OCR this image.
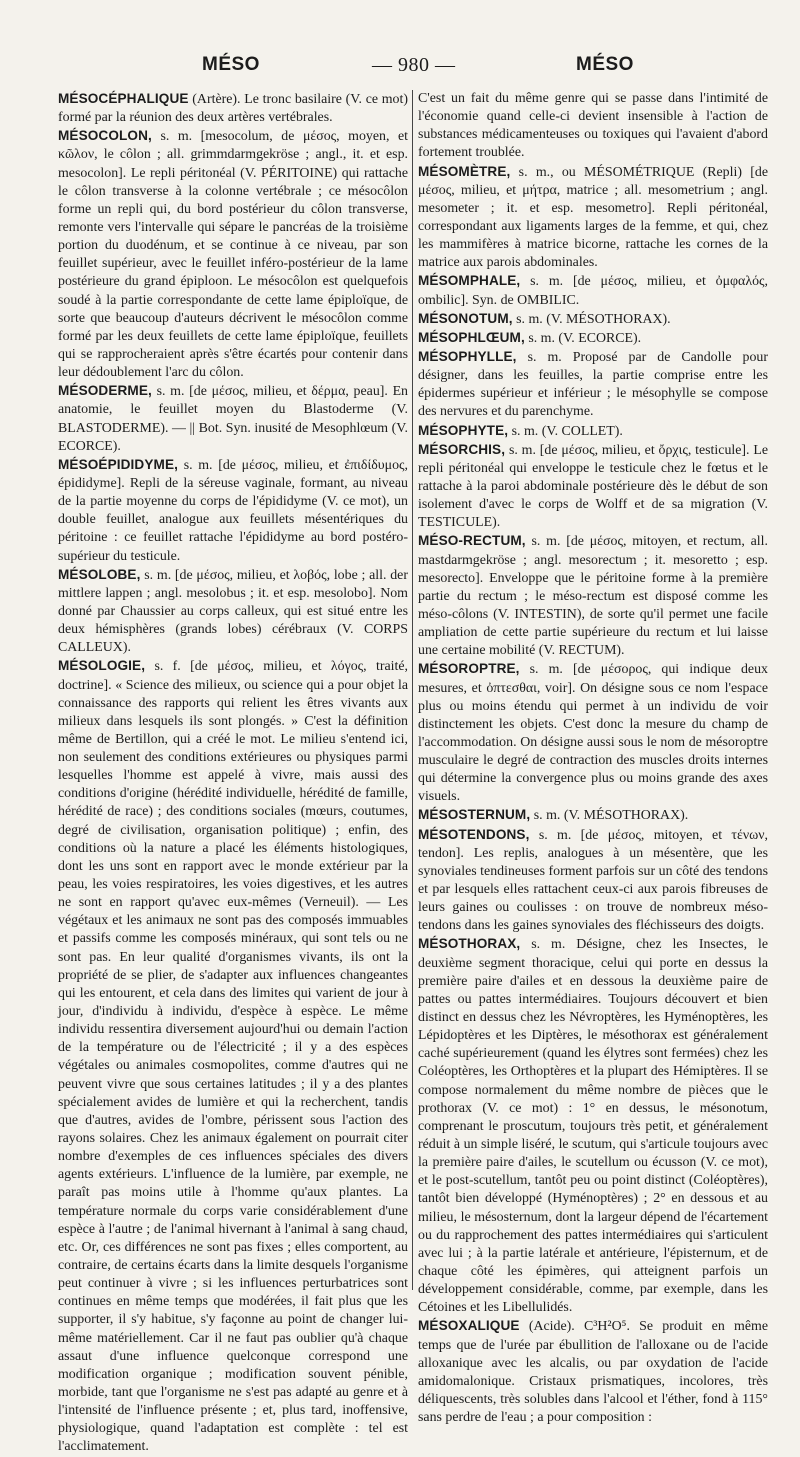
MÉSO	— 980 —	MÉSO

MÉSOCÉPHALIQUE (Artère). Le tronc basilaire (V. ce mot) formé par la réunion des deux artères vertébrales.

MÉSOCOLON, s. m. [mesocolum, de μέσος, moyen, et κῶλον, le côlon ; all. grimmdarmgekröse ; angl., it. et esp. mesocolon]. Le repli péritonéal (V. PÉRITOINE) qui rattache le côlon transverse à la colonne vertébrale ; ce mésocôlon forme un repli qui, du bord postérieur du côlon transverse, remonte vers l'intervalle qui sépare le pancréas de la troisième portion du duodénum, et se continue à ce niveau, par son feuillet supérieur, avec le feuillet inféro-postérieur de la lame postérieure du grand épiploon. Le mésocôlon est quelquefois soudé à la partie correspondante de cette lame épiploïque, de sorte que beaucoup d'auteurs décrivent le mésocôlon comme formé par les deux feuillets de cette lame épiploïque, feuillets qui se rapprocheraient après s'être écartés pour contenir dans leur dédoublement l'arc du côlon.

MÉSODERME, s. m. [de μέσος, milieu, et δέρμα, peau]. En anatomie, le feuillet moyen du Blastoderme (V. BLASTODERME). — || Bot. Syn. inusité de Mesophlœum (V. ECORCE).

MÉSOÉPIDIDYME, s. m. [de μέσος, milieu, et ἐπιδίδυμος, épididyme]. Repli de la séreuse vaginale, formant, au niveau de la partie moyenne du corps de l'épididyme (V. ce mot), un double feuillet, analogue aux feuillets mésentériques du péritoine : ce feuillet rattache l'épididyme au bord postéro-supérieur du testicule.

MÉSOLOBE, s. m. [de μέσος, milieu, et λοβός, lobe ; all. der mittlere lappen ; angl. mesolobus ; it. et esp. mesolobo]. Nom donné par Chaussier au corps calleux, qui est situé entre les deux hémisphères (grands lobes) cérébraux (V. CORPS CALLEUX).

MÉSOLOGIE, s. f. [de μέσος, milieu, et λόγος, traité, doctrine]. « Science des milieux, ou science qui a pour objet la connaissance des rapports qui relient les êtres vivants aux milieux dans lesquels ils sont plongés. » C'est la définition même de Bertillon, qui a créé le mot. Le milieu s'entend ici, non seulement des conditions extérieures ou physiques parmi lesquelles l'homme est appelé à vivre, mais aussi des conditions d'origine (hérédité individuelle, hérédité de famille, hérédité de race) ; des conditions sociales (mœurs, coutumes, degré de civilisation, organisation politique) ; enfin, des conditions où la nature a placé les éléments histologiques, dont les uns sont en rapport avec le monde extérieur par la peau, les voies respiratoires, les voies digestives, et les autres ne sont en rapport qu'avec eux-mêmes (Verneuil). — Les végétaux et les animaux ne sont pas des composés immuables et passifs comme les composés minéraux, qui sont tels ou ne sont pas. En leur qualité d'organismes vivants, ils ont la propriété de se plier, de s'adapter aux influences changeantes qui les entourent, et cela dans des limites qui varient de jour à jour, d'individu à individu, d'espèce à espèce. Le même individu ressentira diversement aujourd'hui ou demain l'action de la température ou de l'électricité ; il y a des espèces végétales ou animales cosmopolites, comme d'autres qui ne peuvent vivre que sous certaines latitudes ; il y a des plantes spécialement avides de lumière et qui la recherchent, tandis que d'autres, avides de l'ombre, périssent sous l'action des rayons solaires. Chez les animaux également on pourrait citer nombre d'exemples de ces influences spéciales des divers agents extérieurs. L'influence de la lumière, par exemple, ne paraît pas moins utile à l'homme qu'aux plantes. La température normale du corps varie considérablement d'une espèce à l'autre ; de l'animal hivernant à l'animal à sang chaud, etc. Or, ces différences ne sont pas fixes ; elles comportent, au contraire, de certains écarts dans la limite desquels l'organisme peut continuer à vivre ; si les influences perturbatrices sont continues en même temps que modérées, il fait plus que les supporter, il s'y habitue, s'y façonne au point de changer lui-même matériellement. Car il ne faut pas oublier qu'à chaque assaut d'une influence quelconque correspond une modification organique ; modification souvent pénible, morbide, tant que l'organisme ne s'est pas adapté au genre et à l'intensité de l'influence présente ; et, plus tard, inoffensive, physiologique, quand l'adaptation est complète : tel est l'acclimatement.

C'est un fait du même genre qui se passe dans l'intimité de l'économie quand celle-ci devient insensible à l'action de substances médicamenteuses ou toxiques qui l'avaient d'abord fortement troublée.

MÉSOMÈTRE, s. m., ou MÉSOMÉTRIQUE (Repli) [de μέσος, milieu, et μήτρα, matrice ; all. mesometrium ; angl. mesometer ; it. et esp. mesometro]. Repli péritonéal, correspondant aux ligaments larges de la femme, et qui, chez les mammifères à matrice bicorne, rattache les cornes de la matrice aux parois abdominales.

MÉSOMPHALE, s. m. [de μέσος, milieu, et ὀμφαλός, ombilic]. Syn. de OMBILIC.

MÉSONOTUM, s. m. (V. MÉSOTHORAX).

MÉSOPHLŒUM, s. m. (V. ECORCE).

MÉSOPHYLLE, s. m. Proposé par de Candolle pour désigner, dans les feuilles, la partie comprise entre les épidermes supérieur et inférieur ; le mésophylle se compose des nervures et du parenchyme.

MÉSOPHYTE, s. m. (V. COLLET).

MÉSORCHIS, s. m. [de μέσος, milieu, et ὄρχις, testicule]. Le repli péritonéal qui enveloppe le testicule chez le fœtus et le rattache à la paroi abdominale postérieure dès le début de son isolement d'avec le corps de Wolff et de sa migration (V. TESTICULE).

MÉSO-RECTUM, s. m. [de μέσος, mitoyen, et rectum, all. mastdarmgekröse ; angl. mesorectum ; it. mesoretto ; esp. mesorecto]. Enveloppe que le péritoine forme à la première partie du rectum ; le méso-rectum est disposé comme les méso-côlons (V. INTESTIN), de sorte qu'il permet une facile ampliation de cette partie supérieure du rectum et lui laisse une certaine mobilité (V. RECTUM).

MÉSOROPTRE, s. m. [de μέσορος, qui indique deux mesures, et ὀπτεσθαι, voir]. On désigne sous ce nom l'espace plus ou moins étendu qui permet à un individu de voir distinctement les objets. C'est donc la mesure du champ de l'accommodation. On désigne aussi sous le nom de mésoroptre musculaire le degré de contraction des muscles droits internes qui détermine la convergence plus ou moins grande des axes visuels.

MÉSOSTERNUM, s. m. (V. MÉSOTHORAX).

MÉSOTENDONS, s. m. [de μέσος, mitoyen, et τένων, tendon]. Les replis, analogues à un mésentère, que les synoviales tendineuses forment parfois sur un côté des tendons et par lesquels elles rattachent ceux-ci aux parois fibreuses de leurs gaines ou coulisses : on trouve de nombreux méso-tendons dans les gaines synoviales des fléchisseurs des doigts.

MÉSOTHORAX, s. m. Désigne, chez les Insectes, le deuxième segment thoracique, celui qui porte en dessus la première paire d'ailes et en dessous la deuxième paire de pattes ou pattes intermédiaires. Toujours découvert et bien distinct en dessus chez les Névroptères, les Hyménoptères, les Lépidoptères et les Diptères, le mésothorax est généralement caché supérieurement (quand les élytres sont fermées) chez les Coléoptères, les Orthoptères et la plupart des Hémiptères. Il se compose normalement du même nombre de pièces que le prothorax (V. ce mot) : 1° en dessus, le mésonotum, comprenant le proscutum, toujours très petit, et généralement réduit à un simple liséré, le scutum, qui s'articule toujours avec la première paire d'ailes, le scutellum ou écusson (V. ce mot), et le post-scutellum, tantôt peu ou point distinct (Coléoptères), tantôt bien développé (Hyménoptères) ; 2° en dessous et au milieu, le mésosternum, dont la largeur dépend de l'écartement ou du rapprochement des pattes intermédiaires qui s'articulent avec lui ; à la partie latérale et antérieure, l'épisternum, et de chaque côté les épimères, qui atteignent parfois un développement considérable, comme, par exemple, dans les Cétoines et les Libellulidés.

MÉSOXALIQUE (Acide). C³H²O⁵. Se produit en même temps que de l'urée par ébullition de l'alloxane ou de l'acide alloxanique avec les alcalis, ou par oxydation de l'acide amidomalonique. Cristaux prismatiques, incolores, très déliquescents, très solubles dans l'alcool et l'éther, fond à 115° sans perdre de l'eau ; a pour composition :
